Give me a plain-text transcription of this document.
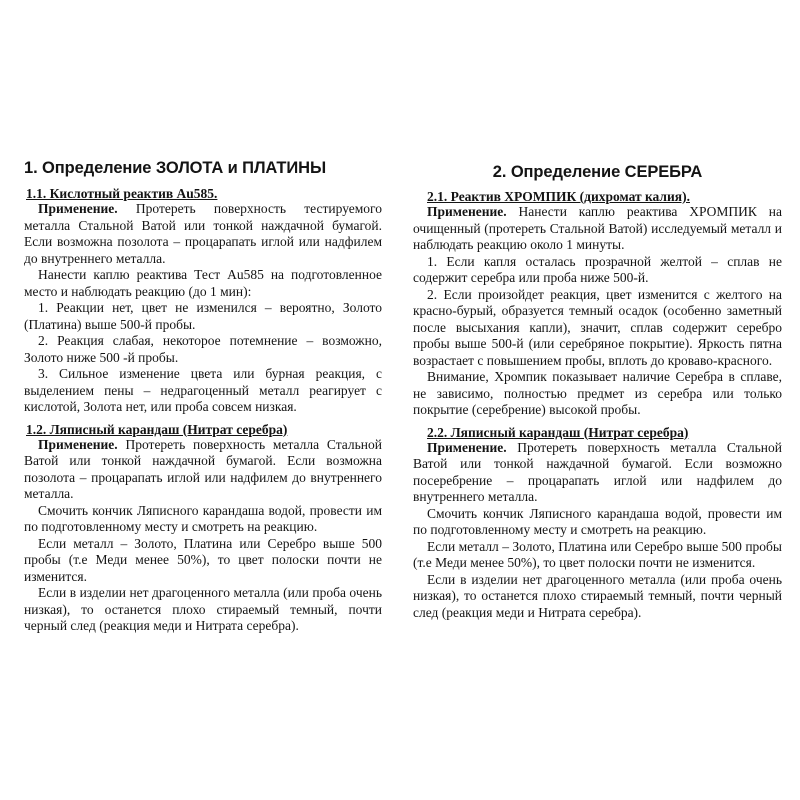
1. Определение ЗОЛОТА и ПЛАТИНЫ
1.1. Кислотный реактив Au585.

Применение. Протереть поверхность тестируемого металла Стальной Ватой или тонкой наждачной бумагой. Если возможна позолота – процарапать иглой или надфилем до внутреннего металла.

Нанести каплю реактива Тест Au585 на подготовленное место и наблюдать реакцию (до 1 мин):

1. Реакции нет, цвет не изменился – вероятно, Золото (Платина) выше 500-й пробы.

2. Реакция слабая, некоторое потемнение – возможно, Золото ниже 500 -й пробы.

3. Сильное изменение цвета или бурная реакция, с выделением пены – недрагоценный металл реагирует с кислотой, Золота нет, или проба совсем низкая.

1.2. Ляписный карандаш (Нитрат серебра)

Применение. Протереть поверхность металла Стальной Ватой или тонкой наждачной бумагой. Если возможна позолота – процарапать иглой или надфилем до внутреннего металла.

Смочить кончик Ляписного карандаша водой, провести им по подготовленному месту и смотреть на реакцию.

Если металл – Золото, Платина или Серебро выше 500 пробы (т.е Меди менее 50%), то цвет полоски почти не изменится.

Если в изделии нет драгоценного металла (или проба очень низкая), то останется плохо стираемый темный, почти черный след (реакция меди и Нитрата серебра).

2. Определение СЕРЕБРА
2.1. Реактив ХРОМПИК (дихромат калия).

Применение. Нанести каплю реактива ХРОМПИК на очищенный (протереть Стальной Ватой) исследуемый металл и наблюдать реакцию около 1 минуты.

1. Если капля осталась прозрачной желтой – сплав не содержит серебра или проба ниже 500-й.

2. Если произойдет реакция, цвет изменится с желтого на красно-бурый, образуется темный осадок (особенно заметный после высыхания капли), значит, сплав содержит серебро пробы выше 500-й (или серебряное покрытие). Яркость пятна возрастает с повышением пробы, вплоть до кроваво-красного.

Внимание, Хромпик показывает наличие Серебра в сплаве, не зависимо, полностью предмет из серебра или только покрытие (серебрение) высокой пробы.

2.2. Ляписный карандаш (Нитрат серебра)

Применение. Протереть поверхность металла Стальной Ватой или тонкой наждачной бумагой. Если возможно посеребрение – процарапать иглой или надфилем до внутреннего металла.

Смочить кончик Ляписного карандаша водой, провести им по подготовленному месту и смотреть на реакцию.

Если металл – Золото, Платина или Серебро выше 500 пробы (т.е Меди менее 50%), то цвет полоски почти не изменится.

Если в изделии нет драгоценного металла (или проба очень низкая), то останется плохо стираемый темный, почти черный след (реакция меди и Нитрата серебра).
